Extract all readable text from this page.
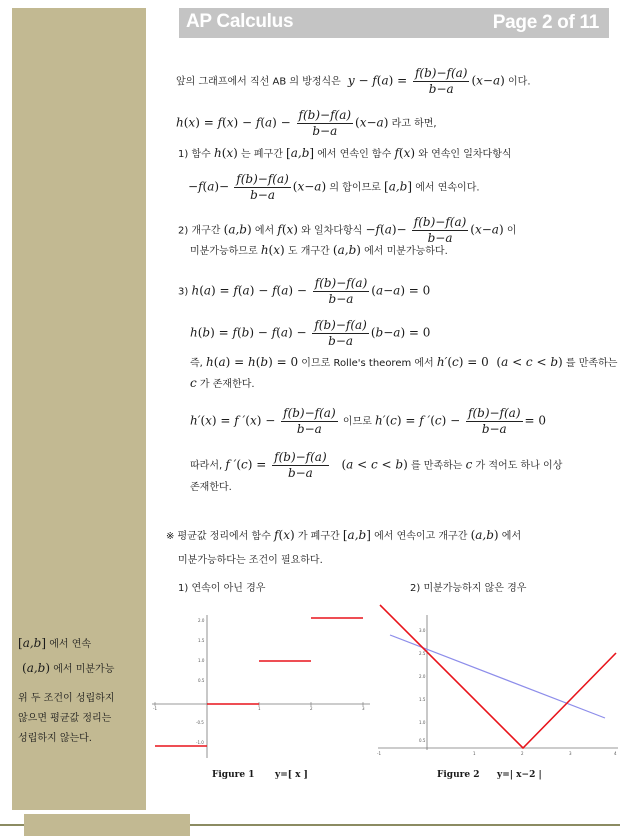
AP Calculus	Page 2 of 11
앞의 그래프에서 직선 AB 의 방정식은  $y - f(a) = \frac{f(b)-f(a)}{b-a} (x-a)$ 이다.
$h(x) = f(x) - f(a) - \frac{f(b)-f(a)}{b-a} (x-a)$ 라고 하면,
1) 함수 h(x) 는 폐구간 [a,b] 에서 연속인 함수 f(x) 와 연속인 일차다항식
$-f(a)- \frac{f(b)-f(a)}{b-a} (x-a)$ 의 합이므로 [a,b] 에서 연속이다.
2) 개구간 (a,b) 에서 f(x) 와 일차다항식 $-f(a)- \frac{f(b)-f(a)}{b-a} (x-a)$ 이
미분가능하므로 h(x) 도 개구간 (a,b) 에서 미분가능하다.
3) $h(a) = f(a) - f(a) - \frac{f(b)-f(a)}{b-a} (a-a) = 0$
$h(b) = f(b) - f(a) - \frac{f(b)-f(a)}{b-a} (b-a) = 0$
즉, h(a) = h(b) = 0 이므로 Rolle's theorem 에서 h′(c) = 0  (a < c < b) 를 만족하는
c 가 존재한다.
h′(x) = f $'(x) - \frac{f(b)-f(a)}{b-a}$ 이므로 h′(c) = f $'(c) - \frac{f(b)-f(a)}{b-a} = 0$
따라서, f $'(c) = \frac{f(b)-f(a)}{b-a} (a < c < b)$ 를 만족하는 c 가 적어도 하나 이상
존재한다.
※ 평균값 정리에서 함수 f(x) 가 폐구간 [a,b] 에서 연속이고 개구간 (a,b) 에서
미분가능하다는 조건이 필요하다.
1) 연속이 아닌 경우	2) 미분가능하지 않은 경우
[a,b] 에서 연속
(a,b) 에서 미분가능
위 두 조건이 성립하지
않으면 평균값 정리는
성립하지 않는다.
-1	1	2	3
2.0
1.5
1.0
0.5
-0.5
-1.0
-1	1	2	3	4
3.0
2.5
2.0
1.5
1.0
0.5
Figure 1 y=[ x ]	Figure 2 y=| x−2 |
